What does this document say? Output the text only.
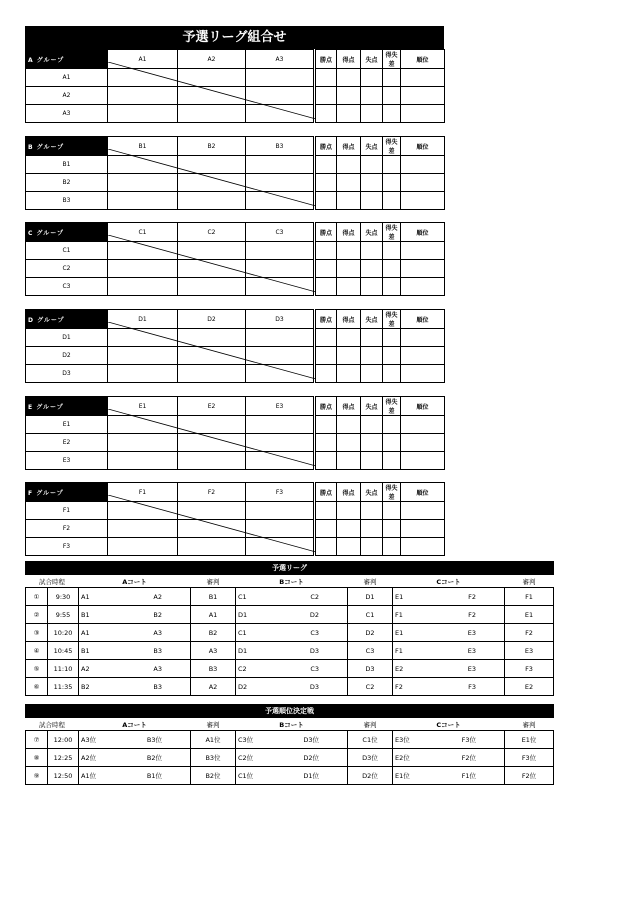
予選リーグ組合せ
A グループ	A1	A2	A3		勝点	得点	失点	得失差	順位
A1									
A2									
A3									
B グループ	B1	B2	B3		勝点	得点	失点	得失差	順位
B1									
B2									
B3									
C グループ	C1	C2	C3		勝点	得点	失点	得失差	順位
C1									
C2									
C3									
D グループ	D1	D2	D3		勝点	得点	失点	得失差	順位
D1									
D2									
D3									
E グループ	E1	E2	E3		勝点	得点	失点	得失差	順位
E1									
E2									
E3									
F グループ	F1	F2	F3		勝点	得点	失点	得失差	順位
F1									
F2									
F3									
予選リーグ							
試合時程		Aコート	審判	Bコート	審判	Cコート	審判
①	9:30	A1 A2	B1	C1 C2	D1	E1 F2	F1
②	9:55	B1 B2	A1	D1 D2	C1	F1 F2	E1
③	10:20	A1 A3	B2	C1 C3	D2	E1 E3	F2
④	10:45	B1 B3	A3	D1 D3	C3	F1 E3	E3
⑤	11:10	A2 A3	B3	C2 C3	D3	E2 E3	F3
⑥	11:35	B2 B3	A2	D2 D3	C2	F2 F3	E2
予選順位決定戦							
試合時程		Aコート	審判	Bコート	審判	Cコート	審判
⑦	12:00	A3位 B3位	A1位	C3位 D3位	C1位	E3位 F3位	E1位
⑧	12:25	A2位 B2位	B3位	C2位 D2位	D3位	E2位 F2位	F3位
⑨	12:50	A1位 B1位	B2位	C1位 D1位	D2位	E1位 F1位	F2位
